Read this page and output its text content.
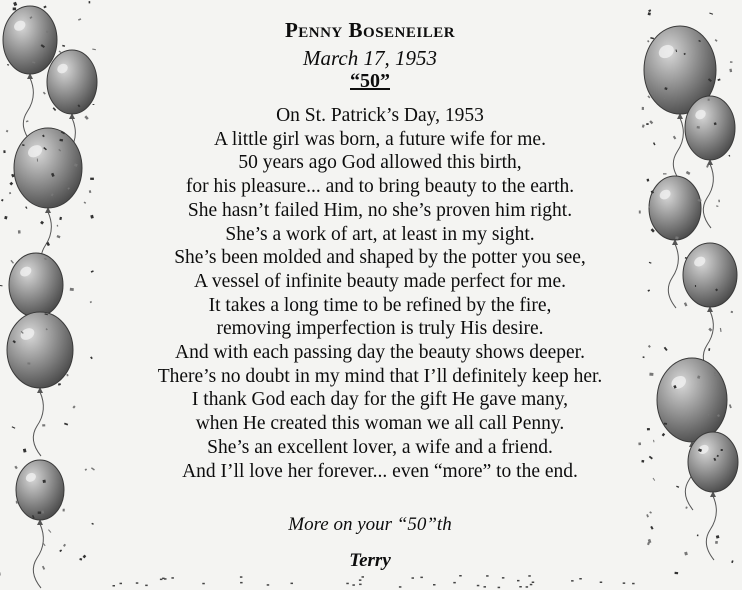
Penny Boseneiler
March 17, 1953
“50”
On St. Patrick’s Day, 1953
A little girl was born, a future wife for me.
50 years ago God allowed this birth,
for his pleasure... and to bring beauty to the earth.
She hasn’t failed Him, no she’s proven him right.
She’s a work of art, at least in my sight.
She’s been molded and shaped by the potter you see,
A vessel of infinite beauty made perfect for me.
It takes a long time to be refined by the fire,
removing imperfection is truly His desire.
And with each passing day the beauty shows deeper.
There’s no doubt in my mind that I’ll definitely keep her.
I thank God each day for the gift He gave many,
when He created this woman we all call Penny.
She’s an excellent lover, a wife and a friend.
And I’ll love her forever... even “more” to the end.
More on your “50”th
Terry
